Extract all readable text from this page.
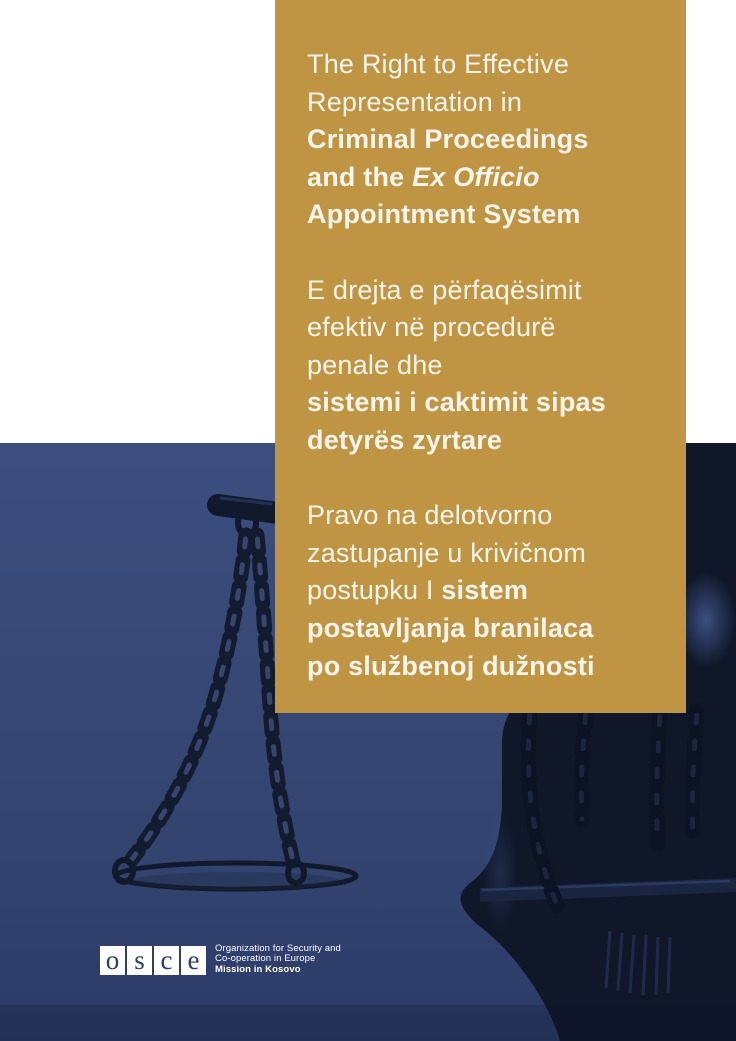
The Right to Effective
Representation in
Criminal Proceedings
and the Ex Officio
Appointment System

E drejta e përfaqësimit
efektiv në procedurë
penale dhe
sistemi i caktimit sipas
detyrës zyrtare

Pravo na delotvorno
zastupanje u krivičnom
postupku I sistem
postavljanja branilaca
po službenoj dužnosti

o s c e	Organization for Security and
Co-operation in Europe
Mission in Kosovo
